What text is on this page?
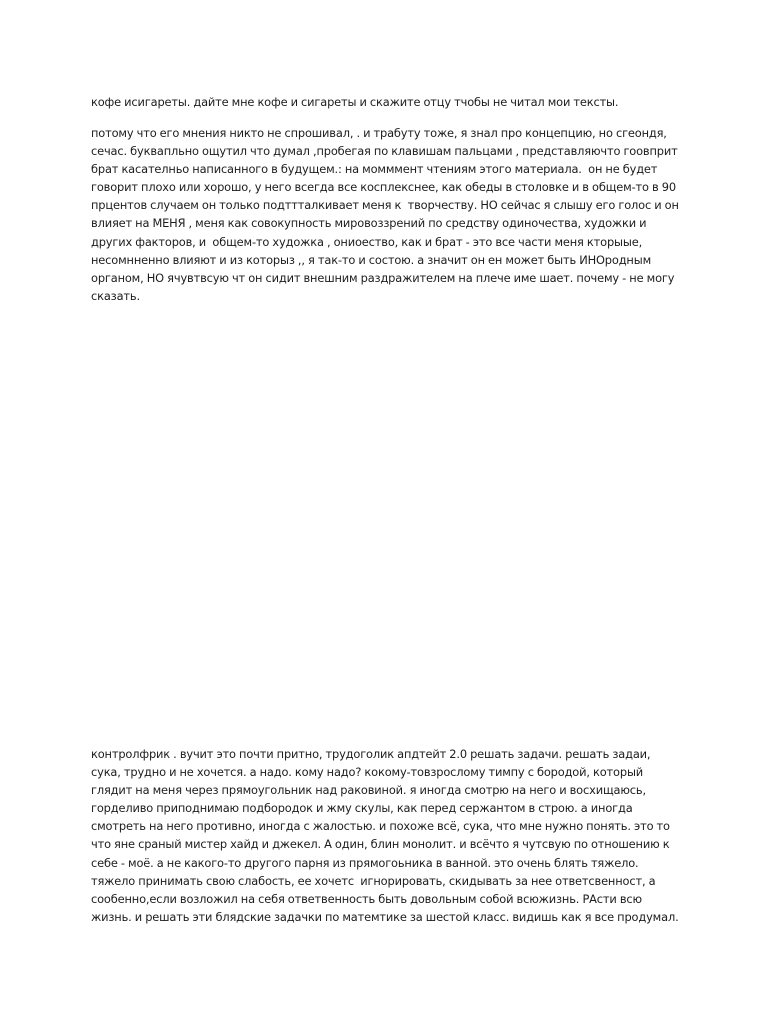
кофе исигареты. дайте мне кофе и сигареты и скажите отцу тчобы не читал мои тексты.

потому что его мнения никто не спрошивал, . и трабуту тоже, я знал про концепцию, но сгеондя, сечас. буквапльно ощутил что думал ,пробегая по клавишам пальцами , представляючто гоовприт брат касателньо написанного в будущем.: на момммент чтениям этого материала.  он не будет говорит плохо или хорошо, у него всегда все косплекснее, как обеды в столовке и в общем-то в 90 прцентов случаем он только подттталкивает меня к  творчеству. НО сейчас я слышу его голос и он влияет на МЕНЯ , меня как совокупность мировоззрений по средству одиночества, художки и других факторов, и  общем-то художка , ониоество, как и брат - это все части меня кторыые, несомнненно влияют и из которыз ,, я так-то и состою. а значит он ен может быть ИНОродным органом, НО ячувтвсую чт он сидит внешним раздражителем на плече име шает. почему - не могу сказать.

контролфрик . вучит это почти притно, трудоголик апдтейт 2.0 решать задачи. решать задаи, сука, трудно и не хочется. а надо. кому надо? кокому-товзрослому тимпу с бородой, который глядит на меня через прямоугольник над раковиной. я иногда смотрю на него и восхищаюсь, горделиво приподнимаю подбородок и жму скулы, как перед сержантом в строю. а иногда смотреть на него противно, иногда с жалостью. и похоже всё, сука, что мне нужно понять. это то что яне сраный мистер хайд и джекел. А один, блин монолит. и всёчто я чутсвую по отношению к себе - моё. а не какого-то другого парня из прямогоьника в ванной. это очень блять тяжело. тяжело принимать свою слабость, ее хочетс  игнорировать, скидывать за нее ответсвенност, а сообенно,если возложил на себя ответвенность быть довольным собой всюжизнь. РАсти всю жизнь. и решать эти блядские задачки по матемтике за шестой класс. видишь как я все продумал.
